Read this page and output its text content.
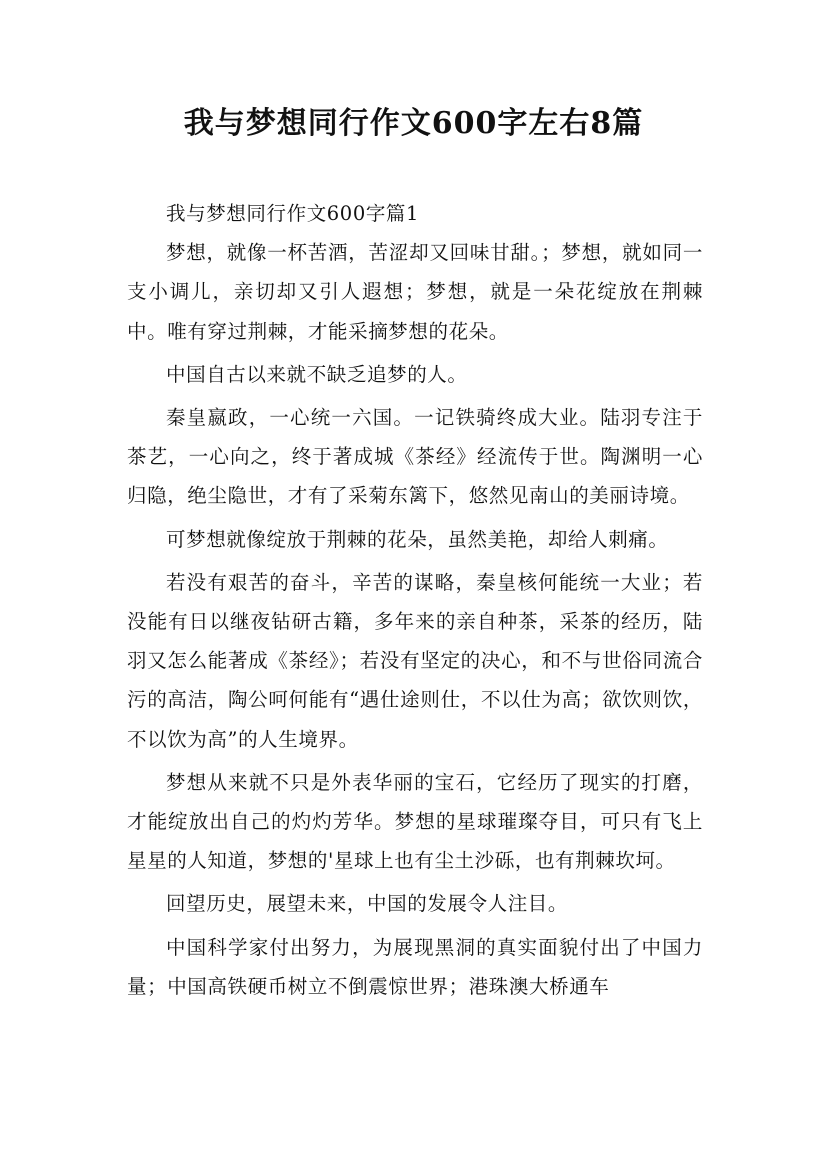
我与梦想同行作文600字左右8篇

我与梦想同行作文600字篇1

梦想，就像一杯苦酒，苦涩却又回味甘甜。；梦想，就如同一支小调儿，亲切却又引人遐想；梦想，就是一朵花绽放在荆棘中。唯有穿过荆棘，才能采摘梦想的花朵。

中国自古以来就不缺乏追梦的人。

秦皇嬴政，一心统一六国。一记铁骑终成大业。陆羽专注于茶艺，一心向之，终于著成城《茶经》经流传于世。陶渊明一心归隐，绝尘隐世，才有了采菊东篱下，悠然见南山的美丽诗境。

可梦想就像绽放于荆棘的花朵，虽然美艳，却给人刺痛。

若没有艰苦的奋斗，辛苦的谋略，秦皇核何能统一大业；若没能有日以继夜钻研古籍，多年来的亲自种茶，采茶的经历，陆羽又怎么能著成《茶经》；若没有坚定的决心，和不与世俗同流合污的高洁，陶公呵何能有“遇仕途则仕，不以仕为高；欲饮则饮，不以饮为高”的人生境界。

梦想从来就不只是外表华丽的宝石，它经历了现实的打磨，才能绽放出自己的灼灼芳华。梦想的星球璀璨夺目，可只有飞上星星的人知道，梦想的'星球上也有尘土沙砾，也有荆棘坎坷。

回望历史，展望未来，中国的发展令人注目。

中国科学家付出努力，为展现黑洞的真实面貌付出了中国力量；中国高铁硬币树立不倒震惊世界；港珠澳大桥通车
